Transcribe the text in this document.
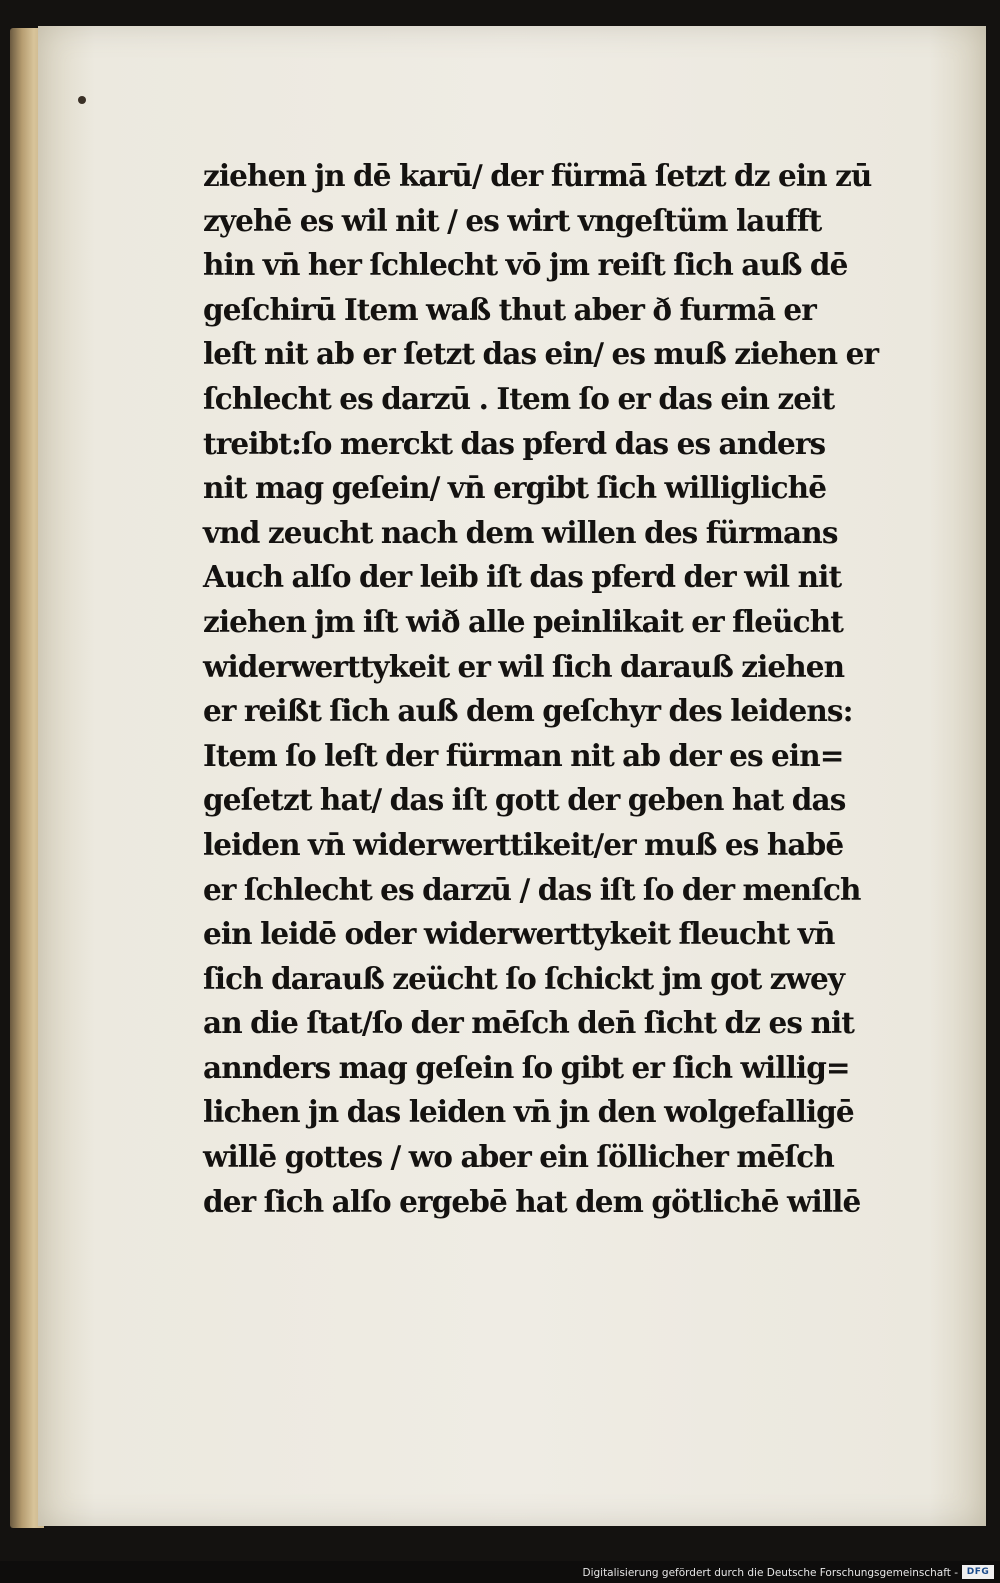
ziehen jn dē karū/ der fürmā ſetzt dz ein zū
zyehē es wil nit / es wirt vngeſtüm laufft
hin vn̄ her ſchlecht vō jm reiſt ſich auß dē
geſchirū Item waß thut aber ð furmā er
leſt nit ab er ſetzt das ein/ es muß ziehen er
ſchlecht es darzū . Item ſo er das ein zeit
treibt:ſo merckt das pferd das es anders
nit mag geſein/ vn̄ ergibt ſich williglichē
vnd zeucht nach dem willen des fürmans
Auch alſo der leib iſt das pferd der wil nit
ziehen jm iſt wið alle peinlikait er fleücht
widerwerttykeit er wil ſich darauß ziehen
er reißt ſich auß dem geſchyr des leidens:
Item ſo leſt der fürman nit ab der es ein=
geſetzt hat/ das iſt gott der geben hat das
leiden vn̄ widerwerttikeit/er muß es habē
er ſchlecht es darzū / das iſt ſo der menſch
ein leidē oder widerwerttykeit fleucht vn̄
ſich darauß zeücht ſo ſchickt jm got zwey
an die ſtat/ſo der mēſch den̄ ſicht dz es nit
annders mag geſein ſo gibt er ſich willig=
lichen jn das leiden vn̄ jn den wolgefalligē
willē gottes / wo aber ein ſöllicher mēſch
der ſich alſo ergebē hat dem götlichē willē
Digitalisierung gefördert durch die Deutsche Forschungsgemeinschaft - DFG
